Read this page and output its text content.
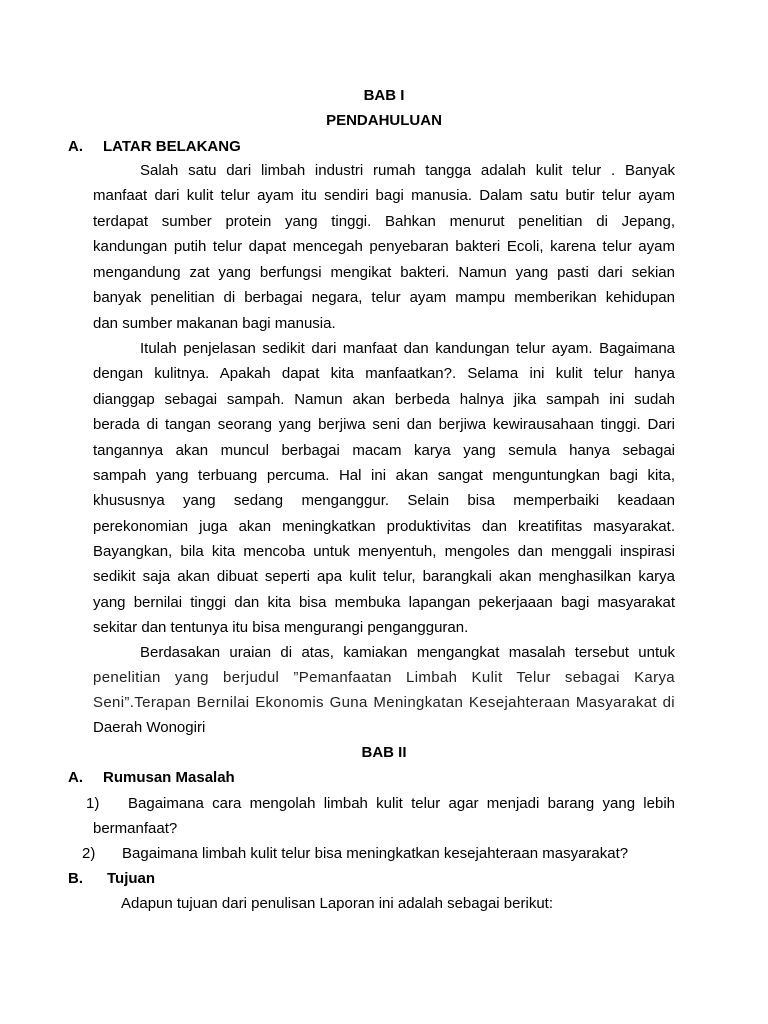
BAB I
PENDAHULUAN
A. LATAR BELAKANG
Salah satu dari limbah industri rumah tangga adalah kulit telur . Banyak
manfaat dari kulit telur ayam itu sendiri bagi manusia. Dalam satu butir telur ayam
terdapat sumber protein yang tinggi. Bahkan menurut penelitian di Jepang,
kandungan putih telur dapat mencegah penyebaran bakteri Ecoli, karena telur ayam
mengandung zat yang berfungsi mengikat bakteri. Namun yang pasti dari sekian
banyak penelitian di berbagai negara, telur ayam mampu memberikan kehidupan
dan sumber makanan bagi manusia.
Itulah penjelasan sedikit dari manfaat dan kandungan telur ayam. Bagaimana
dengan kulitnya. Apakah dapat kita manfaatkan?. Selama ini kulit telur hanya
dianggap sebagai sampah. Namun akan berbeda halnya jika sampah ini sudah
berada di tangan seorang yang berjiwa seni dan berjiwa kewirausahaan tinggi. Dari
tangannya akan muncul berbagai macam karya yang semula hanya sebagai
sampah yang terbuang percuma. Hal ini akan sangat menguntungkan bagi kita,
khususnya yang sedang menganggur. Selain bisa memperbaiki keadaan
perekonomian juga akan meningkatkan produktivitas dan kreatifitas masyarakat.
Bayangkan, bila kita mencoba untuk menyentuh, mengoles dan menggali inspirasi
sedikit saja akan dibuat seperti apa kulit telur, barangkali akan menghasilkan karya
yang bernilai tinggi dan kita bisa membuka lapangan pekerjaaan bagi masyarakat
sekitar dan tentunya itu bisa mengurangi pengangguran.
Berdasakan uraian di atas, kamiakan mengangkat masalah tersebut untuk
penelitian yang berjudul ”Pemanfaatan Limbah Kulit Telur sebagai Karya
Seni”.Terapan Bernilai Ekonomis Guna Meningkatan Kesejahteraan Masyarakat di
Daerah Wonogiri
BAB II
A. Rumusan Masalah
1) Bagaimana cara mengolah limbah kulit telur agar menjadi barang yang lebih
bermanfaat?
2) Bagaimana limbah kulit telur bisa meningkatkan kesejahteraan masyarakat?
B. Tujuan
Adapun tujuan dari penulisan Laporan ini adalah sebagai berikut:
